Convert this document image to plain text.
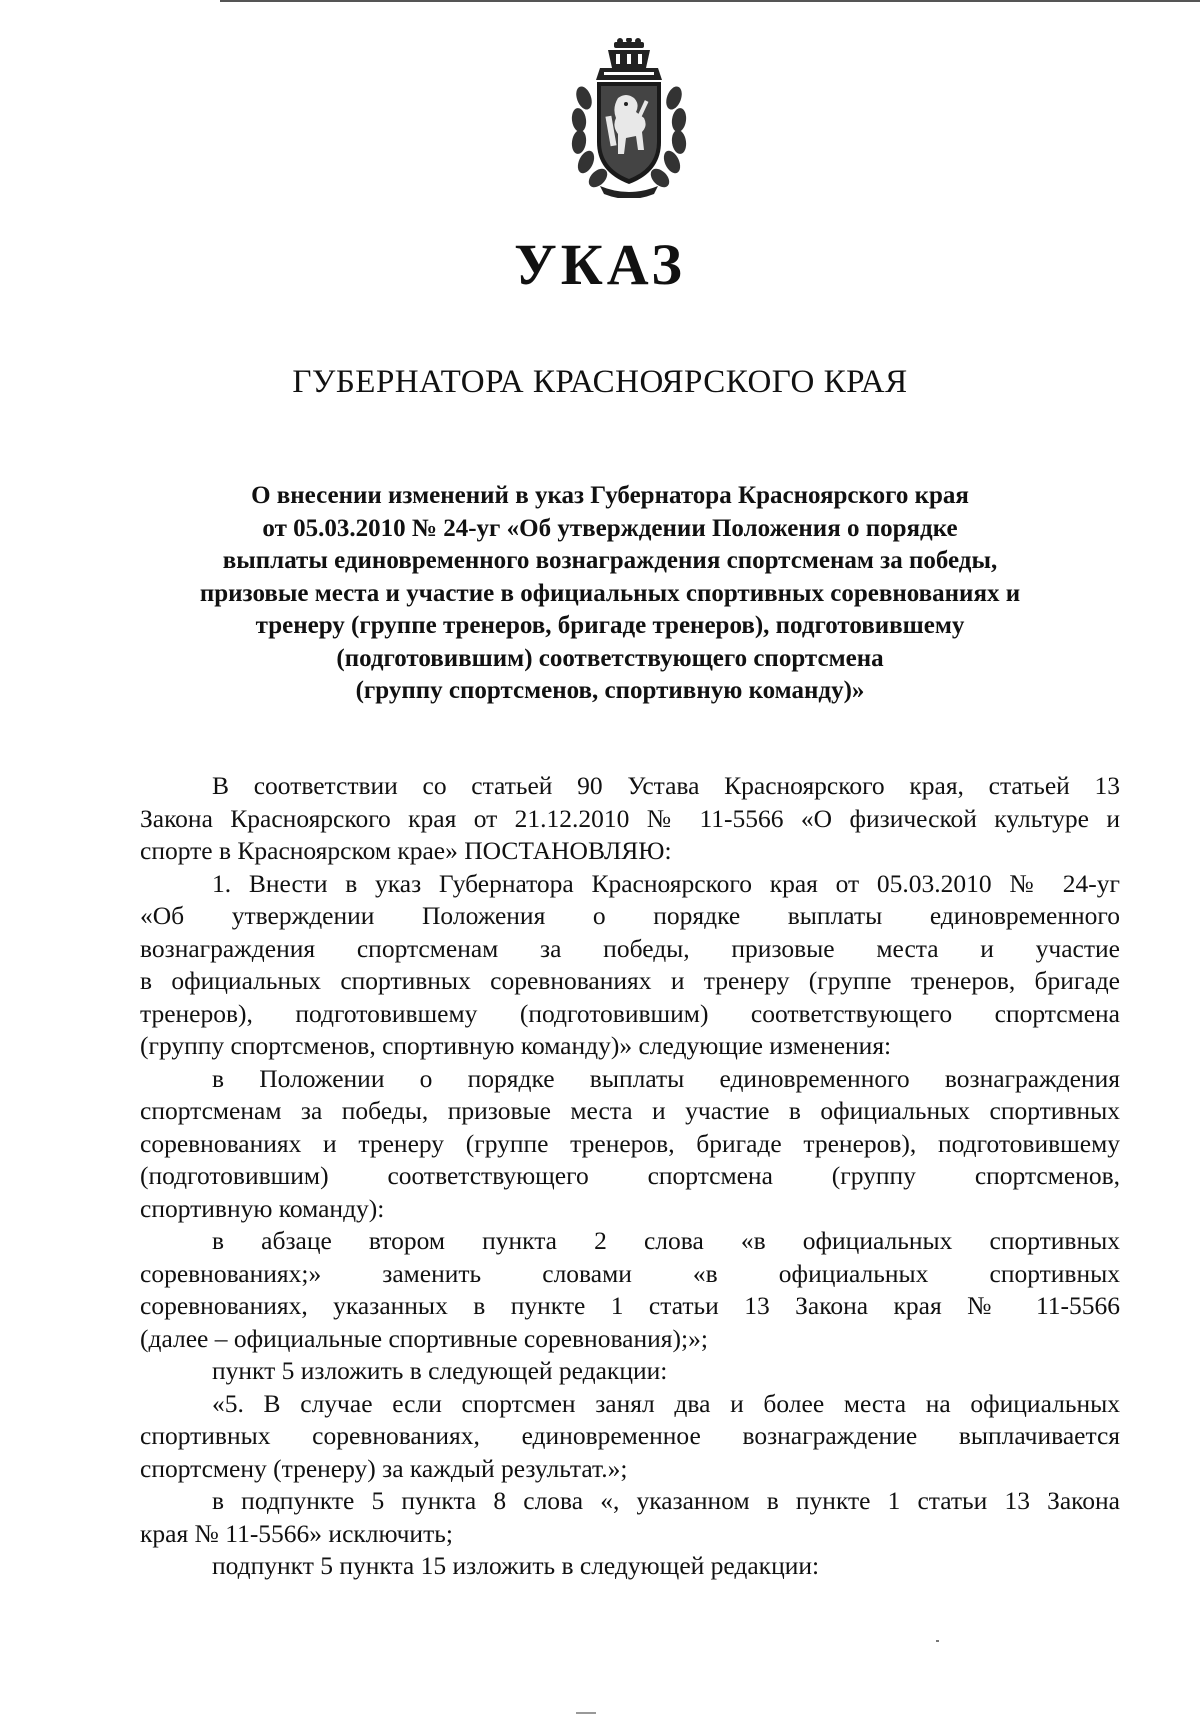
УКАЗ
ГУБЕРНАТОРА КРАСНОЯРСКОГО КРАЯ
О внесении изменений в указ Губернатора Красноярского края
от 05.03.2010 № 24-уг «Об утверждении Положения о порядке
выплаты единовременного вознаграждения спортсменам за победы,
призовые места и участие в официальных спортивных соревнованиях и
тренеру (группе тренеров, бригаде тренеров), подготовившему
(подготовившим) соответствующего спортсмена
(группу спортсменов, спортивную команду)»
В соответствии со статьей 90 Устава Красноярского края, статьей 13
Закона Красноярского края от 21.12.2010 № 11-5566 «О физической культуре и
спорте в Красноярском крае» ПОСТАНОВЛЯЮ:
1. Внести в указ Губернатора Красноярского края от 05.03.2010 № 24-уг
«Об утверждении Положения о порядке выплаты единовременного
вознаграждения спортсменам за победы, призовые места и участие
в официальных спортивных соревнованиях и тренеру (группе тренеров, бригаде
тренеров), подготовившему (подготовившим) соответствующего спортсмена
(группу спортсменов, спортивную команду)» следующие изменения:
в Положении о порядке выплаты единовременного вознаграждения
спортсменам за победы, призовые места и участие в официальных спортивных
соревнованиях и тренеру (группе тренеров, бригаде тренеров), подготовившему
(подготовившим) соответствующего спортсмена (группу спортсменов,
спортивную команду):
в абзаце втором пункта 2 слова «в официальных спортивных
соревнованиях;» заменить словами «в официальных спортивных
соревнованиях, указанных в пункте 1 статьи 13 Закона края № 11-5566
(далее – официальные спортивные соревнования);»;
пункт 5 изложить в следующей редакции:
«5. В случае если спортсмен занял два и более места на официальных
спортивных соревнованиях, единовременное вознаграждение выплачивается
спортсмену (тренеру) за каждый результат.»;
в подпункте 5 пункта 8 слова «, указанном в пункте 1 статьи 13 Закона
края № 11-5566» исключить;
подпункт 5 пункта 15 изложить в следующей редакции:
